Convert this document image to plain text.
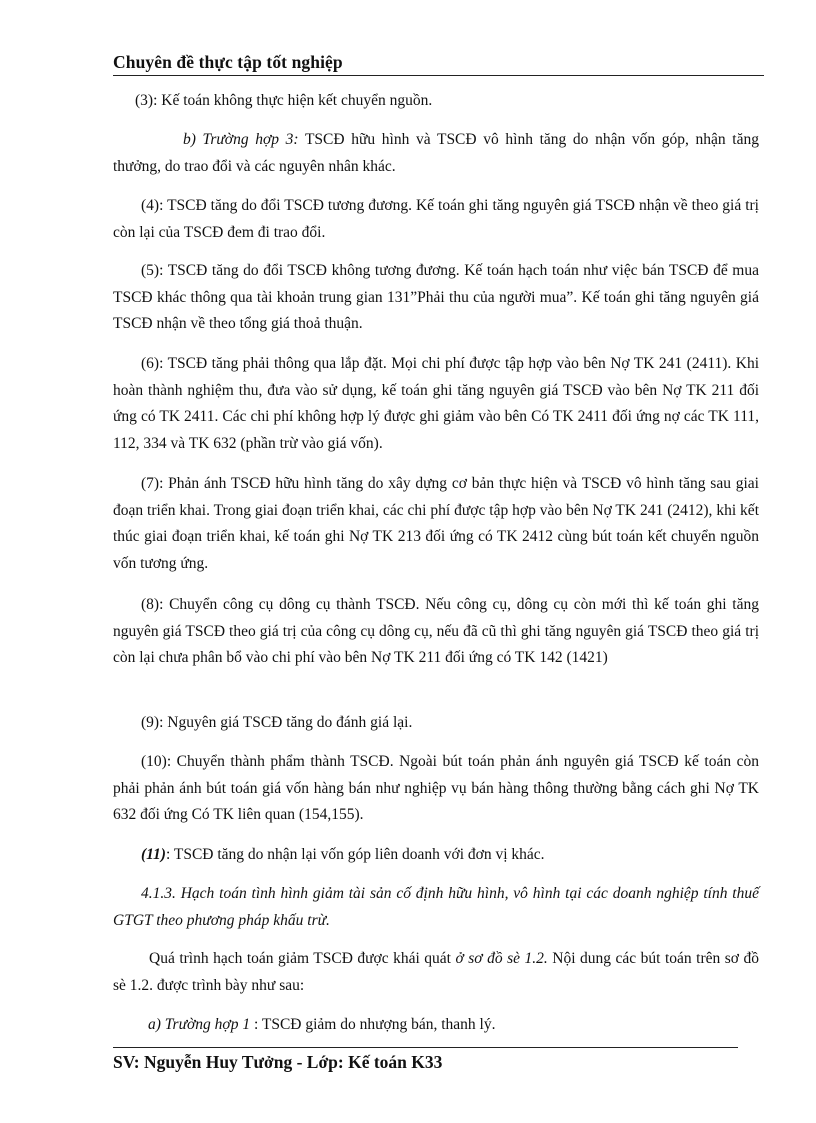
Chuyên đề thực tập tốt nghiệp
(3): Kế toán không thực hiện kết chuyển nguồn.
b) Trường hợp 3: TSCĐ hữu hình và TSCĐ vô hình tăng do nhận vốn góp, nhận tăng thưởng, do trao đổi và các nguyên nhân khác.
(4): TSCĐ tăng do đổi TSCĐ tương đương. Kế toán ghi tăng nguyên giá TSCĐ nhận về theo giá trị còn lại của TSCĐ đem đi trao đổi.
(5): TSCĐ tăng do đổi TSCĐ không tương đương. Kế toán hạch toán như việc bán TSCĐ để mua TSCĐ khác thông qua tài khoản trung gian 131”Phải thu của người mua”. Kế toán ghi tăng nguyên giá TSCĐ nhận về theo tổng giá thoả thuận.
(6): TSCĐ tăng phải thông qua lắp đặt. Mọi chi phí được tập hợp vào bên Nợ TK 241 (2411). Khi hoàn thành nghiệm thu, đưa vào sử dụng, kế toán ghi tăng nguyên giá TSCĐ vào bên Nợ TK 211 đối ứng có TK 2411. Các chi phí không hợp lý được ghi giảm vào bên Có TK 2411 đối ứng nợ các TK 111, 112, 334 và TK 632 (phần trừ vào giá vốn).
(7): Phản ánh TSCĐ hữu hình tăng do xây dựng cơ bản thực hiện và TSCĐ vô hình tăng sau giai đoạn triển khai. Trong giai đoạn triển khai, các chi phí được tập hợp vào bên Nợ TK 241 (2412), khi kết thúc giai đoạn triển khai, kế toán ghi Nợ TK 213 đối ứng có TK 2412 cùng bút toán kết chuyển nguồn vốn tương ứng.
(8): Chuyển công cụ dông cụ thành TSCĐ. Nếu công cụ, dông cụ còn mới thì kế toán ghi tăng nguyên giá TSCĐ theo giá trị của công cụ dông cụ, nếu đã cũ thì ghi tăng nguyên giá TSCĐ theo giá trị còn lại chưa phân bổ vào chi phí vào bên Nợ TK 211 đối ứng có TK 142 (1421)
(9): Nguyên giá TSCĐ tăng do đánh giá lại.
(10): Chuyển thành phẩm thành TSCĐ. Ngoài bút toán phản ánh nguyên giá TSCĐ kế toán còn phải phản ánh bút toán giá vốn hàng bán như nghiệp vụ bán hàng thông thường bằng cách ghi Nợ TK 632 đối ứng Có TK liên quan (154,155).
(11): TSCĐ tăng do nhận lại vốn góp liên doanh với đơn vị khác.
4.1.3. Hạch toán tình hình giảm tài sản cố định hữu hình, vô hình tại các doanh nghiệp tính thuế GTGT theo phương pháp khấu trừ.
Quá trình hạch toán giảm TSCĐ được khái quát ở sơ đồ sè 1.2. Nội dung các bút toán trên sơ đồ sè 1.2. được trình bày như sau:
a) Trường hợp 1 : TSCĐ giảm do nhượng bán, thanh lý.
SV: Nguyễn Huy Tưởng - Lớp: Kế toán K33
